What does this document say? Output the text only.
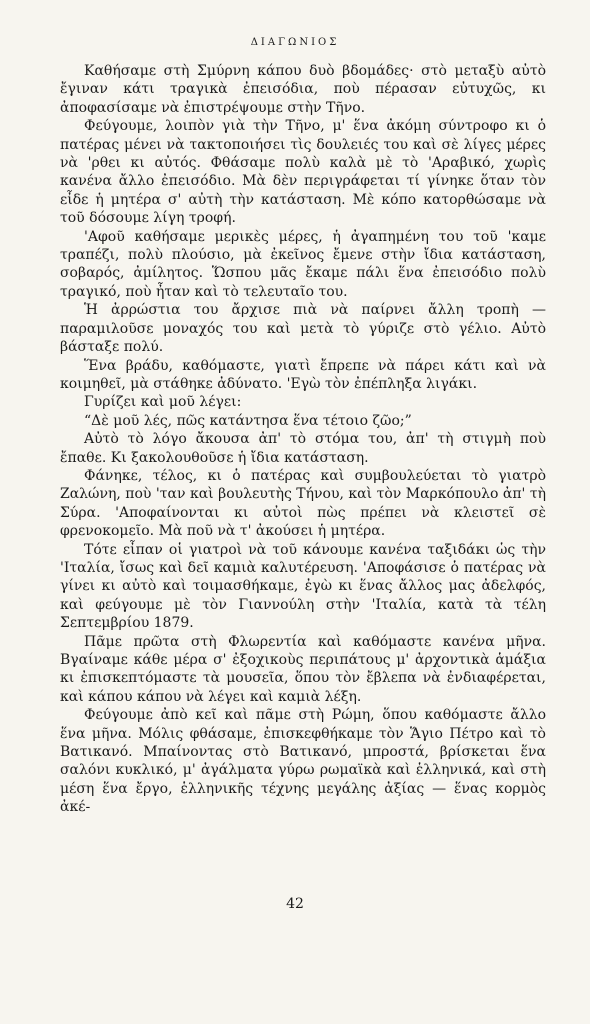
ΔΙΑΓΩΝΙΟΣ

Καθήσαμε στὴ Σμύρνη κάπου δυὸ βδομάδες· στὸ μεταξὺ αὐτὸ ἔγιναν κάτι τραγικὰ ἐπεισόδια, ποὺ πέρασαν εὐτυχῶς, κι ἀποφασίσαμε νὰ ἐπιστρέψουμε στὴν Τῆνο.

Φεύγουμε, λοιπὸν γιὰ τὴν Τῆνο, μ' ἕνα ἀκόμη σύντροφο κι ὁ πατέρας μένει νὰ τακτοποιήσει τὶς δουλειές του καὶ σὲ λίγες μέρες νὰ 'ρθει κι αὐτός. Φθάσαμε πολὺ καλὰ μὲ τὸ 'Αραβικό, χωρὶς κανένα ἄλλο ἐπεισόδιο. Μὰ δὲν περιγράφεται τί γίνηκε ὅταν τὸν εἶδε ἡ μητέρα σ' αὐτὴ τὴν κατάσταση. Μὲ κόπο κατορθώσαμε νὰ τοῦ δόσουμε λίγη τροφή.

'Αφοῦ καθήσαμε μερικὲς μέρες, ἡ ἀγαπημένη του τοῦ 'καμε τραπέζι, πολὺ πλούσιο, μὰ ἐκεῖνος ἔμενε στὴν ἴδια κατάσταση, σοβαρός, ἀμίλητος. Ὥσπου μᾶς ἔκαμε πάλι ἕνα ἐπεισόδιο πολὺ τραγικό, ποὺ ἦταν καὶ τὸ τελευταῖο του.

Ἡ ἀρρώστια του ἄρχισε πιὰ νὰ παίρνει ἄλλη τροπὴ — παραμιλοῦσε μοναχός του καὶ μετὰ τὸ γύριζε στὸ γέλιο. Αὐτὸ βάσταξε πολύ.

Ἕνα βράδυ, καθόμαστε, γιατὶ ἔπρεπε νὰ πάρει κάτι καὶ νὰ κοιμηθεῖ, μὰ στάθηκε ἀδύνατο. 'Εγὼ τὸν ἐπέπληξα λιγάκι.

Γυρίζει καὶ μοῦ λέγει:

“Δὲ μοῦ λές, πῶς κατάντησα ἕνα τέτοιο ζῶο;”

Αὐτὸ τὸ λόγο ἄκουσα ἀπ' τὸ στόμα του, ἀπ' τὴ στιγμὴ ποὺ ἔπαθε. Κι ξακολουθοῦσε ἡ ἴδια κατάσταση.

Φάνηκε, τέλος, κι ὁ πατέρας καὶ συμβουλεύεται τὸ γιατρὸ Ζαλώνη, ποὺ 'ταν καὶ βουλευτὴς Τήνου, καὶ τὸν Μαρκόπουλο ἀπ' τὴ Σύρα. 'Αποφαίνονται κι αὐτοὶ πὼς πρέπει νὰ κλειστεῖ σὲ φρενοκομεῖο. Μὰ ποῦ νὰ τ' ἀκούσει ἡ μητέρα.

Τότε εἶπαν οἱ γιατροὶ νὰ τοῦ κάνουμε κανένα ταξιδάκι ὡς τὴν 'Ιταλία, ἴσως καὶ δεῖ καμιὰ καλυτέρευση. 'Αποφάσισε ὁ πατέρας νὰ γίνει κι αὐτὸ καὶ τοιμασθήκαμε, ἐγὼ κι ἕνας ἄλλος μας ἀδελφός, καὶ φεύγουμε μὲ τὸν Γιαννούλη στὴν 'Ιταλία, κατὰ τὰ τέλη Σεπτεμβρίου 1879.

Πᾶμε πρῶτα στὴ Φλωρεντία καὶ καθόμαστε κανένα μῆνα. Βγαίναμε κάθε μέρα σ' ἐξοχικοὺς περιπάτους μ' ἀρχοντικὰ ἁμάξια κι ἐπισκεπτόμαστε τὰ μουσεῖα, ὅπου τὸν ἔβλεπα νὰ ἐνδιαφέρεται, καὶ κάπου κάπου νὰ λέγει καὶ καμιὰ λέξη.

Φεύγουμε ἀπὸ κεῖ καὶ πᾶμε στὴ Ρώμη, ὅπου καθόμαστε ἄλλο ἕνα μῆνα. Μόλις φθάσαμε, ἐπισκεφθήκαμε τὸν Ἅγιο Πέτρο καὶ τὸ Βατικανό. Μπαίνοντας στὸ Βατικανό, μπροστά, βρίσκεται ἕνα σαλόνι κυκλικό, μ' ἀγάλματα γύρω ρωμαϊκὰ καὶ ἑλληνικά, καὶ στὴ μέση ἕνα ἔργο, ἑλληνικῆς τέχνης μεγάλης ἀξίας — ἕνας κορμὸς ἀκέ-

42
